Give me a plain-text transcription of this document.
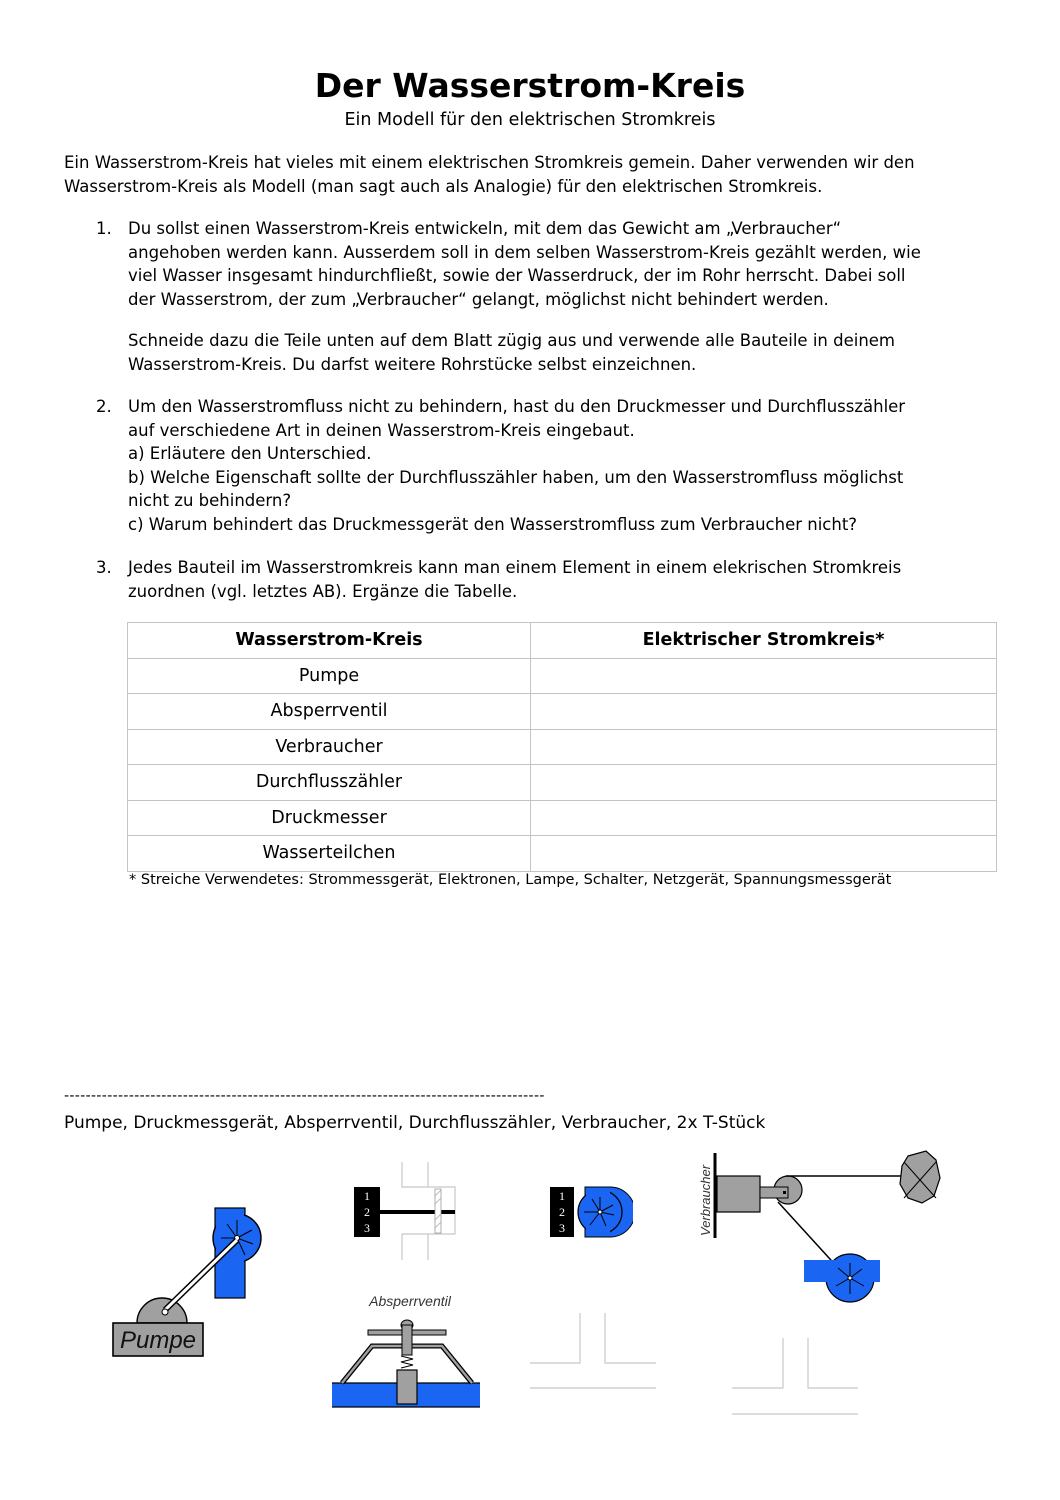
Der Wasserstrom-Kreis
Ein Modell für den elektrischen Stromkreis

Ein Wasserstrom-Kreis hat vieles mit einem elektrischen Stromkreis gemein. Daher verwenden wir den
Wasserstrom-Kreis als Modell (man sagt auch als Analogie) für den elektrischen Stromkreis.

1. Du sollst einen Wasserstrom-Kreis entwickeln, mit dem das Gewicht am „Verbraucher“
angehoben werden kann. Ausserdem soll in dem selben Wasserstrom-Kreis gezählt werden, wie
viel Wasser insgesamt hindurchfließt, sowie der Wasserdruck, der im Rohr herrscht. Dabei soll
der Wasserstrom, der zum „Verbraucher“ gelangt, möglichst nicht behindert werden.

Schneide dazu die Teile unten auf dem Blatt zügig aus und verwende alle Bauteile in deinem
Wasserstrom-Kreis. Du darfst weitere Rohrstücke selbst einzeichnen.

2. Um den Wasserstromfluss nicht zu behindern, hast du den Druckmesser und Durchflusszähler
auf verschiedene Art in deinen Wasserstrom-Kreis eingebaut.
a) Erläutere den Unterschied.
b) Welche Eigenschaft sollte der Durchflusszähler haben, um den Wasserstromfluss möglichst
nicht zu behindern?
c) Warum behindert das Druckmessgerät den Wasserstromfluss zum Verbraucher nicht?

3. Jedes Bauteil im Wasserstromkreis kann man einem Element in einem elekrischen Stromkreis
zuordnen (vgl. letztes AB). Ergänze die Tabelle.

Wasserstrom-Kreis	Elektrischer Stromkreis*
Pumpe	
Absperrventil	
Verbraucher	
Durchflusszähler	
Druckmesser	
Wasserteilchen	
* Streiche Verwendetes: Strommessgerät, Elektronen, Lampe, Schalter, Netzgerät, Spannungsmessgerät
-----------------------------------------------------------------------------------------
Pumpe, Druckmessgerät, Absperrventil, Durchflusszähler, Verbraucher, 2x T-Stück
Pumpe
1
2
3
Absperrventil
1
2
3	Verbraucher
